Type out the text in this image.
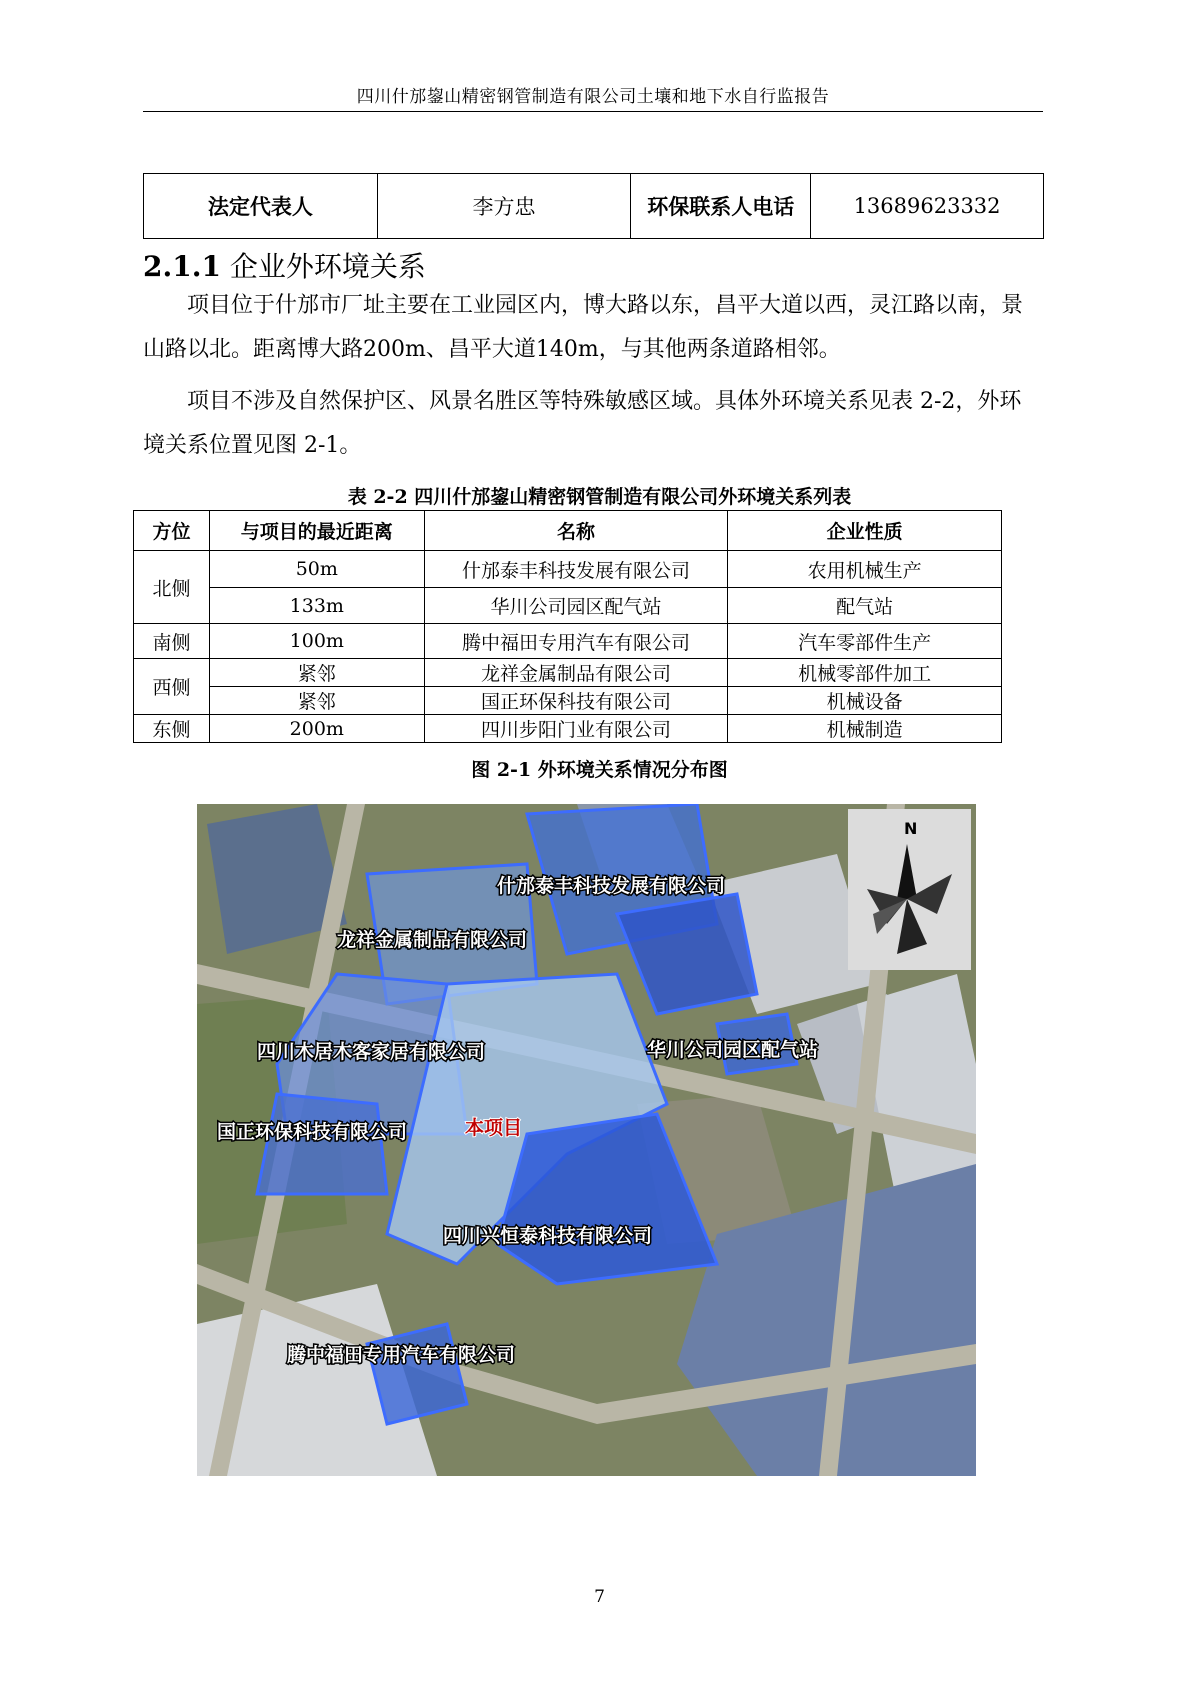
四川什邡鋆山精密钢管制造有限公司土壤和地下水自行监报告
法定代表人	李方忠	环保联系人电话	13689623332
2.1.1 企业外环境关系
项目位于什邡市厂址主要在工业园区内，博大路以东，昌平大道以西，灵江路以南，景山路以北。距离博大路200m、昌平大道140m，与其他两条道路相邻。
项目不涉及自然保护区、风景名胜区等特殊敏感区域。具体外环境关系见表 2-2，外环境关系位置见图 2-1。
表 2-2 四川什邡鋆山精密钢管制造有限公司外环境关系列表
方位	与项目的最近距离	名称	企业性质
北侧	50m	什邡泰丰科技发展有限公司	农用机械生产
	133m	华川公司园区配气站	配气站
南侧	100m	腾中福田专用汽车有限公司	汽车零部件生产
西侧	紧邻	龙祥金属制品有限公司	机械零部件加工
	紧邻	国正环保科技有限公司	机械设备
东侧	200m	四川步阳门业有限公司	机械制造
图 2-1 外环境关系情况分布图
N
什邡泰丰科技发展有限公司
龙祥金属制品有限公司
四川木居木客家居有限公司	华川公司园区配气站
国正环保科技有限公司
四川兴恒泰科技有限公司
腾中福田专用汽车有限公司
本项目
7
